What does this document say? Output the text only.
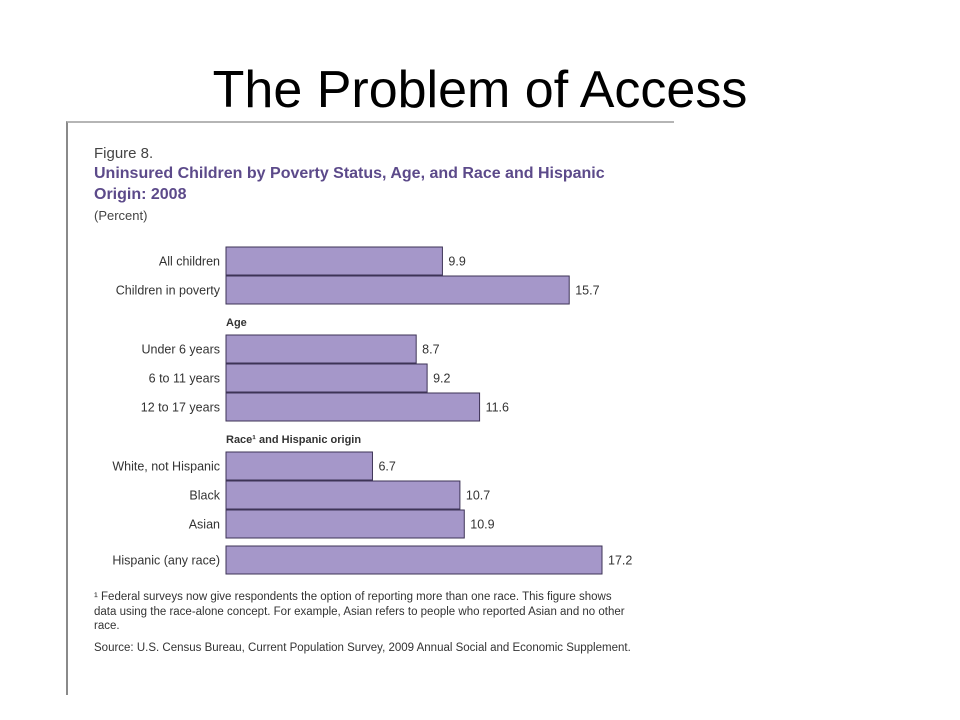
The Problem of Access
Figure 8.
Uninsured Children by Poverty Status, Age, and Race and Hispanic Origin: 2008
(Percent)
All children	9.9
Children in poverty	15.7
Age
Under 6 years	8.7
6 to 11 years	9.2
12 to 17 years	11.6
Race¹ and Hispanic origin
White, not Hispanic	6.7
Black	10.7
Asian	10.9
Hispanic (any race)	17.2
¹ Federal surveys now give respondents the option of reporting more than one race. This figure shows data using the race-alone concept. For example, Asian refers to people who reported Asian and no other race.
Source: U.S. Census Bureau, Current Population Survey, 2009 Annual Social and Economic Supplement.
